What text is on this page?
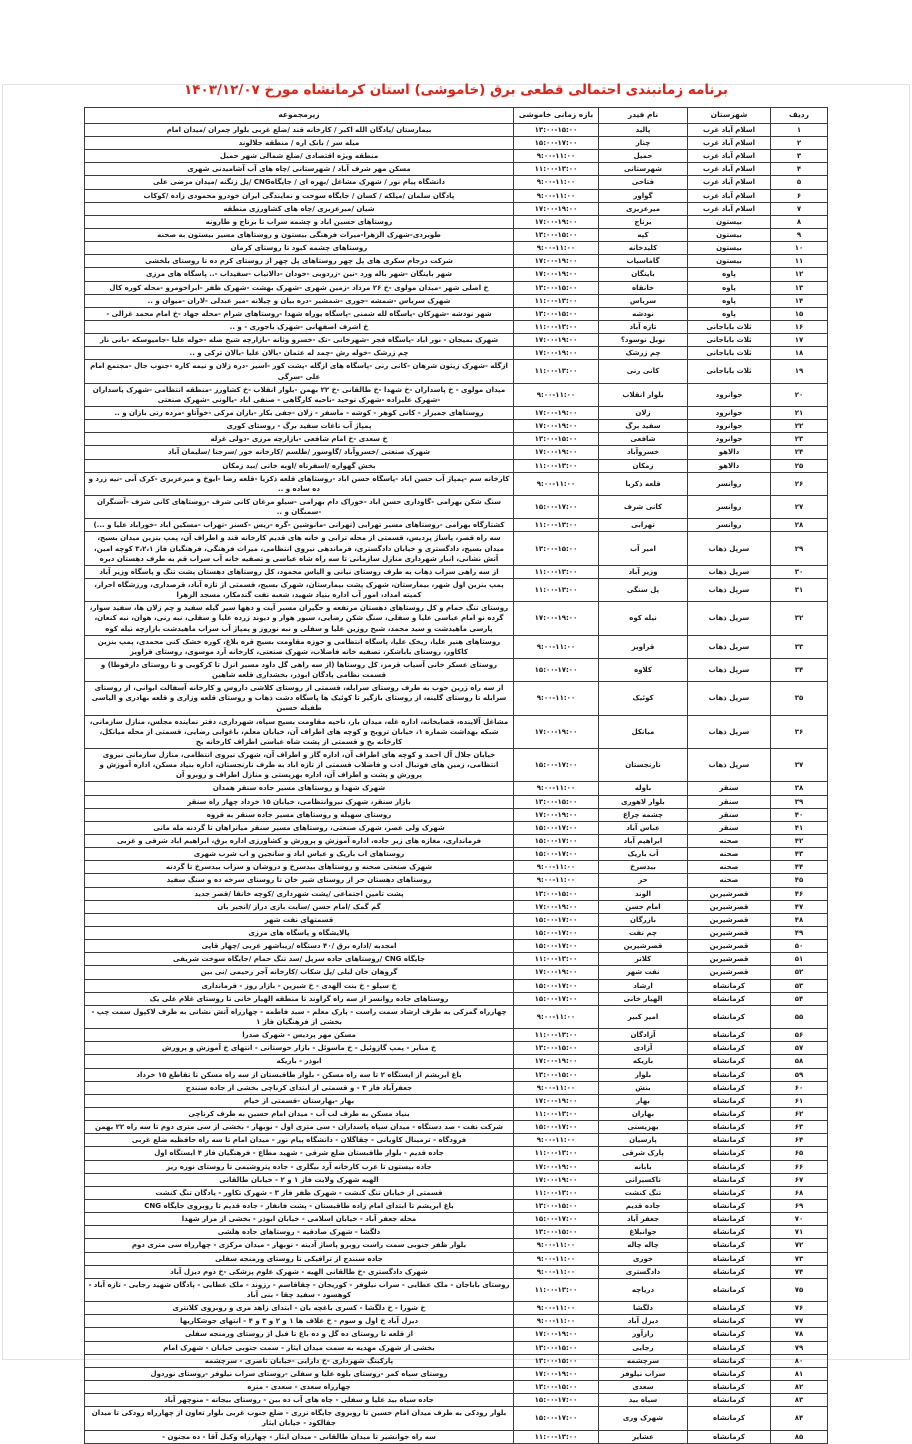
برنامه زمانبندی احتمالی قطعی برق (خاموشی) استان کرمانشاه مورخ ۱۴۰۳/۱۲/۰۷
ردیف	شهرستان	نام فیدر	بازه زمانی خاموشی	زیرمجموعه
۱	اسلام آباد غرب	پالید	۱۳:۰۰-۱۵:۰۰	بیمارستان /پادگان الله اکبر / کارخانه قند /ضلع غربی بلوار چمران /میدان امام
۲	اسلام آباد غرب	چنار	۱۵:۰۰-۱۷:۰۰	میله سر / بانک اره / منطقه جلالوند
۳	اسلام آباد غرب	حمیل	۹:۰۰-۱۱:۰۰	منطقه ویژه اقتصادی /ضلع شمالی شهر حمیل
۴	اسلام آباد غرب	شهرستانی	۱۱:۰۰-۱۳:۰۰	مسکن مهر شرف آباد / شهرستانی /چاه های آب آشامیدنی شهری
۵	اسلام آباد غرب	فتاحی	۹:۰۰-۱۱:۰۰	دانشگاه پیام نور / شهرک مشاغل /بهره ای / جایگاهCNG /پل زنگنه /میدان مرضی علی
۶	اسلام آباد غرب	گواور	۹:۰۰-۱۱:۰۰	پادگان سلمان /میلکه / کسان / جایگاه سوخت و نمایندگی ایران خودرو محمودی زاده /کوکاب
۷	اسلام آباد غرب	میرعزیزی	۱۷:۰۰-۱۹:۰۰	شیان /میرعزیزی /چاه های کشاورزی منطقه
۸	بیستون	برناج	۱۷:۰۰-۱۹:۰۰	روستاهای حسین اباد و چشمه سراب تا برناج و طارونه
۹	بیستون	کپه	۱۳:۰۰-۱۵:۰۰	طویردی-شهرک الزهرا-میراث فرهنگی بیستون و روستاهای مسیر بیستون به صحنه
۱۰	بیستون	کلیدخانه	۹:۰۰-۱۱:۰۰	روستاهای چشمه کبود تا روستای کرمان
۱۱	بیستون	گاماسیاب	۱۷:۰۰-۱۹:۰۰	شرکت درجام سکری های پل چهر روستاهای پل چهر از روستای کرم ده تا روستای بلخشی
۱۲	پاوه	باینگان	۱۷:۰۰-۱۹:۰۰	شهر باینگان -شهر باله ورد -نین -زردویی -خودان -دالانیاب -سفیداب -.. پاسگاه های مرزی
۱۳	پاوه	خانقاه	۱۳:۰۰-۱۵:۰۰	خ اصلی شهر -میدان مولوی -خ ۲۶ مرداد -زمین شهری -شهرک بهشت -شهرک ظفر -ابراخومرو -محله کوره کال
۱۴	پاوه	سریاس	۱۱:۰۰-۱۳:۰۰	شهرک سریاس -شمشه -جوری -شمشیر -دره بیان و چیلانه -میر عبدلی -لاران -میوان و ..
۱۵	پاوه	نودشه	۱۳:۰۰-۱۵:۰۰	شهر نودشه -شهرکان -پاسگاه لله شمنی -پاسگاه یوراه شهدا -روستاهای شرام -محله جهاد -خ امام محمد غزالی -
۱۶	ثلاث باباجانی	تازه آباد	۱۱:۰۰-۱۳:۰۰	خ اشرف اصفهانی -شهرک باجوری - و ..
۱۷	ثلاث باباجانی	نوبل نوسود؟	۱۷:۰۰-۱۹:۰۰	شهرک بمیجان - نور اباد -پاسگاه فجر -شهرخانی -تک -خسرو وثانه -بازارچه شیخ صله -خوله علیا -جامیوسکه -بانی نار
۱۸	ثلاث باباجانی	چم زرشک	۱۷:۰۰-۱۹:۰۰	چم زرشک -خوله رش -چمد له عثمان -بالان علیا -بالان ترکی و ..
۱۹	ثلاث باباجانی	کانی رنی	۱۱:۰۰-۱۳:۰۰	ازگله -شهرک زیتون شرهان -کانی رنی -پاسگاه های ازگله -پشت کور -اسیر -دره زلان و نیمه کاره -جنوب جال -مجتمع امام علی -سرگی
۲۰	جوانرود	بلوار انقلاب	۹:۰۰-۱۱:۰۰	میدان مولوی - خ پاسداران -خ شهدا -خ طالقانی -خ ۲۲ بهمن -بلوار انقلاب -خ کشاورز -منطقه انتظامی -شهرک پاسداران -شهرک علیزاده -شهرک توحید -ناحیه کارگاهی - صنفی اباد -یالونی -شهرک صنعتی
۲۱	جوانرود	زلان	۱۷:۰۰-۱۹:۰۰	روستاهای جمیزار - کانی کوهر - کوشه - ماسفر - زلان -جفی بکار -بازان مرکی -خوآتاو -مرده رنی بازان و ..
۲۲	جوانرود	سفید برگ	۱۷:۰۰-۱۹:۰۰	پمپاژ آب ناغات سفید برگ - روستای کوری
۲۳	جوانرود	شافعی	۱۳:۰۰-۱۵:۰۰	خ سعدی -خ امام شافعی -بازارچه مرزی -دولی غرله
۲۴	دالاهو	خسروآباد	۱۷:۰۰-۱۹:۰۰	شهرک صنعتی /خسروآباد /گاوسور /طلسم /کارخانه خور /سرجنا /سلیمان آباد
۲۵	دالاهو	زمکان	۱۱:۰۰-۱۳:۰۰	بخش گهواره /اسفرناه /اویه خانی /بید زمکان
۲۶	روانسر	قلعه ذکریا	۹:۰۰-۱۱:۰۰	کارخانه سم -پمپاژ آب حسن اباد -پاسگاه حسن اباد -روستاهای قلعه ذکریا -قلعه رضا -ایوخ و میرعزیزی -کرک آبی -نیه زرد و ده ساده و ..
۲۷	روانسر	کانی شرف	۱۵:۰۰-۱۷:۰۰	سنگ شکن بهرامی -گاوداری حسن اباد -خوراک دام بهرامی -سیلو مرغان کانی شرف -روستاهای کانی شرف -آسنگران -سمنگان و ..
۲۸	روانسر	تهرابی	۱۱:۰۰-۱۳:۰۰	کشتارگاه بهرامی -روستاهای مسیر تهرابی (تهرانی -مانوشین -گره -ریس -کسنز -تهراب -مسکین اباد -خوراباد علیا و ...)
۲۹	سرپل ذهاب	امیر آب	۱۳:۰۰-۱۵:۰۰	سه راه قصر، پاساژ پردیس، قسمتی از محله ترابی و خانه های قدیم کارخانه قند و اطراف آن، پمپ بنزین میدان بسیج، میدان بسیج، دادگستری و خیابان دادگستری، فرماندهی نیروی انتظامی، میراث فرهنگی، فرهنگیان فاز ۳،۲،۱ کوچه امین، آتش نشانی، انبار شهرداری منازل سازمانی تا سه راه شاه عباسی و تصفیه خانه آب سراب قم به طرف دهستان دیره
۳۰	سرپل ذهاب	وزیر آباد	۱۱:۰۰-۱۳:۰۰	از سه راهی سراب ذهاب به طرف روستای نیانی و الیاس محمود، کل روستاهای دهستان پشت تنگ و پاسگاه وزیر آباد
۳۱	سرپل ذهاب	پل سنگی	۱۱:۰۰-۱۳:۰۰	پمپ بنزین اول شهر، بیمارستان، شهرک پشت بیمارستان، شهرک بسیج، قسمتی از تازه آباد، قرصداری، ورزشگاه احرار، کمیته امداد، امور آب اداره بنیاد شهید، شعبه نفت گندمکار، مسجد الزهرا
۳۲	سرپل ذهاب	نیله کوه	۱۷:۰۰-۱۹:۰۰	روستای تنگ حمام و کل روستاهای دهستان مرتفعه و جگیران مسیر آیت و دهها سیر گیله سفید و چم زلان ها، سفید سوار، گرده نو امام عباسی علیا و سفلی، سنگ شکن رضایی، سیور هوار و دیوند زرده علیا و سفلی، نبه رنی، هوان، نبه کنعان، پارسی ماهیدشت و سید محمد، شیخ روزین علیا و سفلی و نبه نوروز و پمپاژ آب سراب ماهیدشت بازارچه نیله کوه
۳۳	سرپل ذهاب	قراویز	۹:۰۰-۱۱:۰۰	روستاهای هنیر علیا، ریخک علیا، پاسگاه انتظامی و حوزه مقاومت بسیج قره بلاغ، کوره خشک کنی محمدی، پمپ بنزین کاکاور، روستای باباشکر، تصفیه خانه فاضلاب، شهرک صنعتی، کارخانه آرد موسوی، روستای قراویز
۳۴	سرپل ذهاب	کلاوه	۱۵:۰۰-۱۷:۰۰	روستای عسکر خانی آسیاب قرمز، کل روستاها (از سه راهی گل داود مسیر انزل تا کرکوبی و تا روستای دارفوطا) و قسمت نظامی پادگان ابوذر، بخشداری قلعه شاهین
۳۵	سرپل ذهاب	کوئیک	۹:۰۰-۱۱:۰۰	از سه راه زرین جوب به طرف روستای سرابله، قسمتی از روستای کلاشی داروس و کارخانه آسفالت ابوانی، از روستای سرابله تا روستای گلینه، از روستای بازگیر تا کوئیک ها پاسگاه دشت ذهاب و روستای قلعه وزاری و قلعه بهادری و الیاسی طفیله حسین
۳۶	سرپل ذهاب	میانکل	۱۷:۰۰-۱۹:۰۰	مشاغل آلاینده، قصابخانه، اداره غله، میدان بار، ناحیه مقاومت بسیج سپاه، شهرداری، دفتر نماینده مجلس، منازل سازمانی، شبکه بهداشت شماره ۱، خیابان ترویج و کوچه های اطراف آن، خیابان معلم، باغوابی رضایی، قسمتی از محله میانکل، کارخانه یخ و قسمتی از پشت شاه عباسی اطراف کارخانه یخ
۳۷	سرپل ذهاب	نارنجستان	۱۵:۰۰-۱۷:۰۰	خیابان جلال آل احمد و کوچه های اطراف آن، اداره گاز و اطراف آن، شهرک نیروی انتظامی، منازل سازمانی نیروی انتظامی، زمین های فوتبال ادب و فاضلاب قسمتی از تازه اباد به طرف نارنجستان، اداره بنیاد مسکن، اداره آموزش و پرورش و پشت و اطراف آن، اداره بهزیستی و منازل اطراف و روبرو آن
۳۸	سنقر	باوله	۹:۰۰-۱۱:۰۰	شهرک شهدا و روستاهای مسیر جاده سنقر همدان
۳۹	سنقر	بلوار لاهوری	۱۳:۰۰-۱۵:۰۰	بازار سنقر، شهرک نیروانتظامی، خیابان ۱۵ خرداد چهار راه سنقر
۴۰	سنقر	چشمه چراغ	۱۷:۰۰-۱۹:۰۰	روستای سهیله و روستاهای مسیر جاده سنقر به قروه
۴۱	سنقر	عباس آباد	۱۵:۰۰-۱۷:۰۰	شهرک ولی عصر، شهرک صنعتی، روستاهای مسیر سنقر میانراهان تا گردنه مله مانی
۴۲	صحنه	ابراهیم آباد	۱۵:۰۰-۱۷:۰۰	فرمانداری، مغازه های زیر جاده، اداره آموزش و پرورش و کشاورزی اداره برق، ابراهیم اباد شرقی و غربی
۴۳	صحنه	آب باریک	۱۵:۰۰-۱۷:۰۰	روستاهای اب باریک و عباس اباد و سانجین و اب شرب شهری
۴۴	صحنه	بیدسرخ	۹:۰۰-۱۱:۰۰	شهرک صنعتی صحنه و روستاهای بیدسرخ و دروشان و سراب بیدسرخ تا گردنه
۴۵	صحنه	حر	۹:۰۰-۱۱:۰۰	روستاهای دهستان حر از روستای شیر خان تا روستای سرخه ده و سنگ سفید
۴۶	قصرشیرین	الوند	۱۳:۰۰-۱۵:۰۰	پشت تامین اجتماعی /پشت شهرداری /کوچه خانقا /قصر جدید
۴۷	قصرشیرین	امام حسن	۱۷:۰۰-۱۹:۰۰	گم گمک /امام حسن /سایت بازی دراز /انجیر بان
۴۸	قصرشیرین	بازرگان	۱۵:۰۰-۱۷:۰۰	قسمتهای نفت شهر
۴۹	قصرشیرین	چم نفت	۱۵:۰۰-۱۷:۰۰	پالایشگاه و پاسگاه های مرزی
۵۰	قصرشیرین	قصرشیرین	۱۵:۰۰-۱۷:۰۰	امجدیه /اداره برق /۴۰ دستگاه /ریباشهر غربی /چهار قاپی
۵۱	قصرشیرین	کلاتر	۱۱:۰۰-۱۳:۰۰	جایگاه CNG /روستاهای جاده سرپل /سد تنگ حمام /جایگاه سوخت شریفی
۵۲	قصرشیرین	نفت شهر	۱۷:۰۰-۱۹:۰۰	گروهان خان لیلی /پل شکاب /کارخانه آجر رحیمی /نی بین
۵۳	کرمانشاه	ارشاد	۱۵:۰۰-۱۷:۰۰	خ سیلو - خ بنت الهدی - خ شیرین - بازار روز - فرمانداری
۵۴	کرمانشاه	الهیار خانی	۱۵:۰۰-۱۷:۰۰	روستاهای جاده روانسر از سه راه گراوند تا منطقه الهیار خانی تا روستای غلام علی یک
۵۵	کرمانشاه	امیر کبیر	۹:۰۰-۱۱:۰۰	چهارراه گمرکی به طرف ارشاد سمت راست - پارک معلم - سید فاطمه - چهارراه آتش نشانی به طرف لاکپول سمت چپ - بخشی از فرهنگیان فاز ۱
۵۶	کرمانشاه	آزادگان	۱۱:۰۰-۱۳:۰۰	مسکن مهر پردیس - شهرک صدرا
۵۷	کرمانشاه	آزادی	۱۳:۰۰-۱۵:۰۰	خ منابر - پمپ گازوئیل - خ ماسوئل - بازار خوستانی - انتهای خ آموزش و پرورش
۵۸	کرمانشاه	باریکه	۱۷:۰۰-۱۹:۰۰	ابوذر - باریکه
۵۹	کرمانشاه	بلوار	۱۳:۰۰-۱۵:۰۰	باغ ابریشم از ایستگاه ۲ تا سه راه مسکن - بلوار طاقبستان از سه راه مسکن تا تقاطع ۱۵ خرداد
۶۰	کرمانشاه	بنش	۹:۰۰-۱۱:۰۰	جعفرآباد فاز ۳ - و قسمتی از ابتدای کرناچی بخشی از جاده سنندج
۶۱	کرمانشاه	بهار	۱۷:۰۰-۱۹:۰۰	بهار -بهارستان -قسمتی از خیام
۶۲	کرمانشاه	بهاران	۱۱:۰۰-۱۳:۰۰	بنیاد مسکن به طرف لب آب - میدان امام حسین به طرف کرناچی
۶۳	کرمانشاه	بهزیستی	۱۵:۰۰-۱۷:۰۰	شرکت نفت - صد دستگاه - میدان سپاه پاسداران - سی متری اول - نوبهار - بخشی از سی متری دوم تا سه راه ۲۲ بهمن
۶۴	کرمانشاه	پارسیان	۹:۰۰-۱۱:۰۰	فرودگاه - ترمینال کاویانی - چقاگلان - دانشگاه پیام نور - میدان امام تا سه راه حافظیه ضلع غربی
۶۵	کرمانشاه	پارک شرقی	۱۱:۰۰-۱۳:۰۰	جاده قدیم - بلوار طاقبستان ضلع شرقی - شهید مطاع - فرهنگیان فاز ۴ ایستگاه اول
۶۶	کرمانشاه	بابانه	۱۷:۰۰-۱۹:۰۰	جاده بیستون تا غرب کارخانه آرد بیگلری - جاده پتروشیمی تا روستای نوره ریز
۶۷	کرمانشاه	تاکسیرانی	۱۷:۰۰-۱۹:۰۰	الهیه شهرک ولایت فاز ۱ و ۲ - خیابان طالقانی
۶۸	کرمانشاه	تنگ کنشت	۱۱:۰۰-۱۳:۰۰	قسمتی از خیابان تنگ کنشت - شهرک ظفر فاز ۳ - شهرک تکاور - پادگان تنگ کنشت
۶۹	کرمانشاه	جاده قدیم	۱۳:۰۰-۱۵:۰۰	باغ ابریشم تا ابتدای امام زاده طاقبستان - پشت فانفار - جاده قدیم تا روبروی جایگاه CNG
۷۰	کرمانشاه	جعفر آباد	۱۵:۰۰-۱۷:۰۰	محله جعفر آباد - خیابان اسلامی - خیابان ابوذر - بخشی از مزار شهدا
۷۱	کرمانشاه	جوانبلاغ	۱۳:۰۰-۱۵:۰۰	دلگشا - شهرک صادقیه - روستاهای جاده هلشی
۷۲	کرمانشاه	چاله چاله	۹:۰۰-۱۱:۰۰	بلوار ظفر جنوبی سمت راست روبرو پاساژ آدینه - نوبهار - میدان مرکزی - چهارراه سی متری دوم
۷۳	کرمانشاه	خوری	۹:۰۰-۱۱:۰۰	جاده سنندج از ترافیکی تا روستای ورمنجه سفلی
۷۴	کرمانشاه	دادگستری	۹:۰۰-۱۱:۰۰	شهرک دادگستری -خ طالقانی الهیه - شهرک علوم پزشکی -خ دوم دیزل آباد
۷۵	کرمانشاه	دریاچه	۱۱:۰۰-۱۳:۰۰	روستای باباجان - ملک عطایی - سراب نیلوفر - کوریجان - چقاقاسم - رزوند - ملک عطایی - پادگان شهید رجایی - تازه آباد - کوهسود - سفید چقا - بنی آباد
۷۶	کرمانشاه	دلگشا	۹:۰۰-۱۱:۰۰	خ شورا - خ دلگشا - کسری باغچه بان - ابتدای زاهد مری و روبروی کلانتری
۷۷	کرمانشاه	دیزل آباد	۹:۰۰-۱۱:۰۰	دیزل آباد خ اول و سوم - خ علاف ها ۱ و ۲ و ۳ و ۴ - انتهای جوشکاریها
۷۸	کرمانشاه	رازآور	۱۷:۰۰-۱۹:۰۰	از قلعه تا روستای ده گل و ده باغ تا قبل از روستای ورمنجه سفلی
۷۹	کرمانشاه	رجایی	۱۳:۰۰-۱۵:۰۰	بخشی از شهرک مهدیه به سمت میدان ایثار - سمت جنوبی خیابان - شهرک امام
۸۰	کرمانشاه	سرچشمه	۱۳:۰۰-۱۵:۰۰	پارکینگ شهرداری -خ دارایی -خیابان ناصری - سرچشمه
۸۱	کرمانشاه	سراب نیلوفر	۱۷:۰۰-۱۹:۰۰	روستای سیاه کمر -روستای بلوه علیا و سفلی -روستای سراب نیلوفر -روستای نوردول
۸۲	کرمانشاه	سعدی	۱۳:۰۰-۱۵:۰۰	چهارراه سعدی - سعدی - منزه
۸۳	کرمانشاه	سیاه بید	۱۵:۰۰-۱۷:۰۰	جاده سیاه بید علیا و سفلی - چاه های آب ده بین - روستای بیجانه - منوچهر آباد
۸۴	کرمانشاه	شهرک وری	۱۵:۰۰-۱۷:۰۰	بلوار رودکی به طرف میدان امام حسین تا روبروی جایگاه نزری - ضلع جنوب غربی بلوار تعاون از چهارراه رودکی تا میدان جقالکود - خیابان ایثار
۸۵	کرمانشاه	عشایر	۱۱:۰۰-۱۳:۰۰	سه راه جوانشیر تا میدان طالقانی - میدان ایثار - چهارراه وکیل آقا - ده مجنون -
